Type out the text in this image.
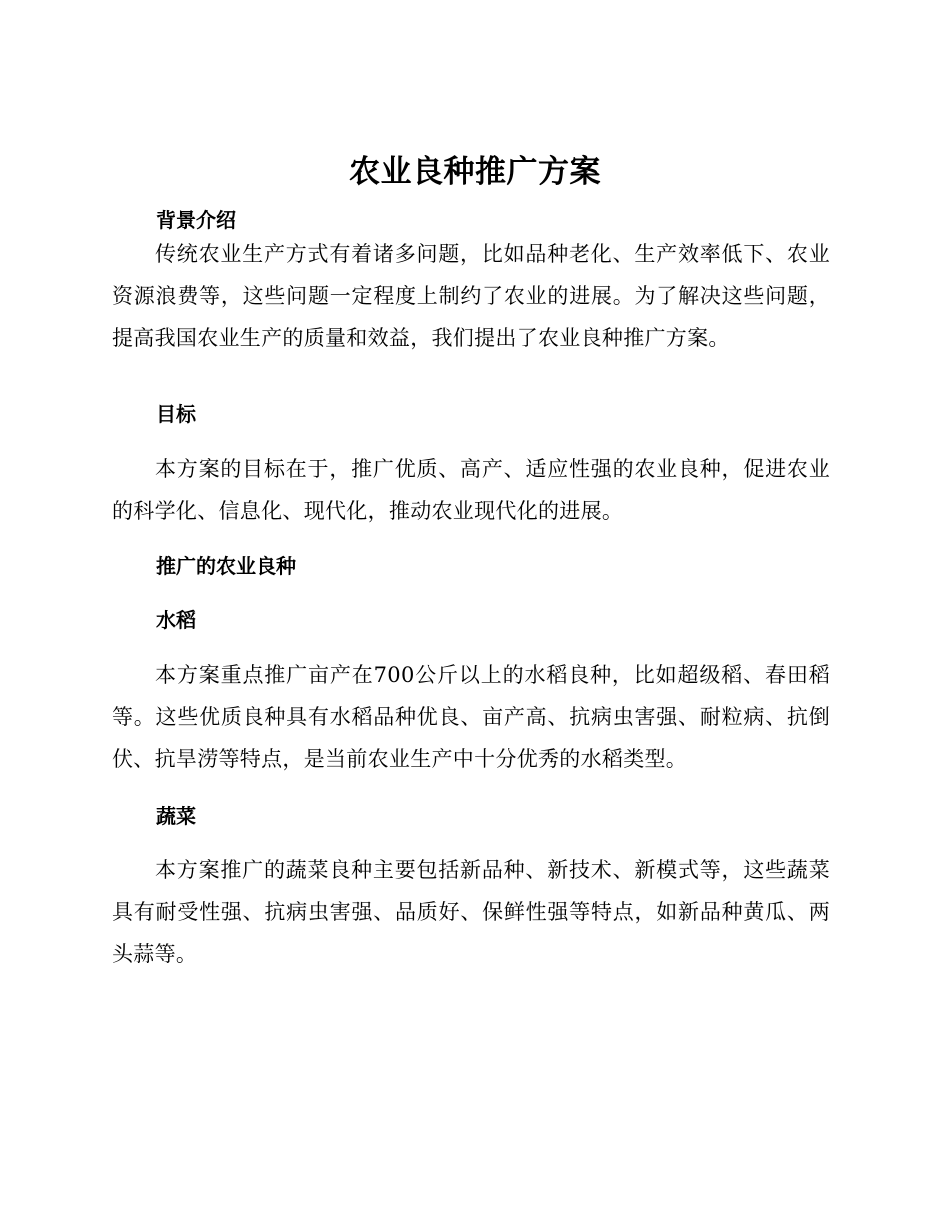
农业良种推广方案
背景介绍

传统农业生产方式有着诸多问题，比如品种老化、生产效率低下、农业资源浪费等，这些问题一定程度上制约了农业的进展。为了解决这些问题，提高我国农业生产的质量和效益，我们提出了农业良种推广方案。

目标

本方案的目标在于，推广优质、高产、适应性强的农业良种，促进农业的科学化、信息化、现代化，推动农业现代化的进展。

推广的农业良种
水稻

本方案重点推广亩产在700公斤以上的水稻良种，比如超级稻、春田稻等。这些优质良种具有水稻品种优良、亩产高、抗病虫害强、耐粒病、抗倒伏、抗旱涝等特点，是当前农业生产中十分优秀的水稻类型。

蔬菜

本方案推广的蔬菜良种主要包括新品种、新技术、新模式等，这些蔬菜具有耐受性强、抗病虫害强、品质好、保鲜性强等特点，如新品种黄瓜、两头蒜等。
